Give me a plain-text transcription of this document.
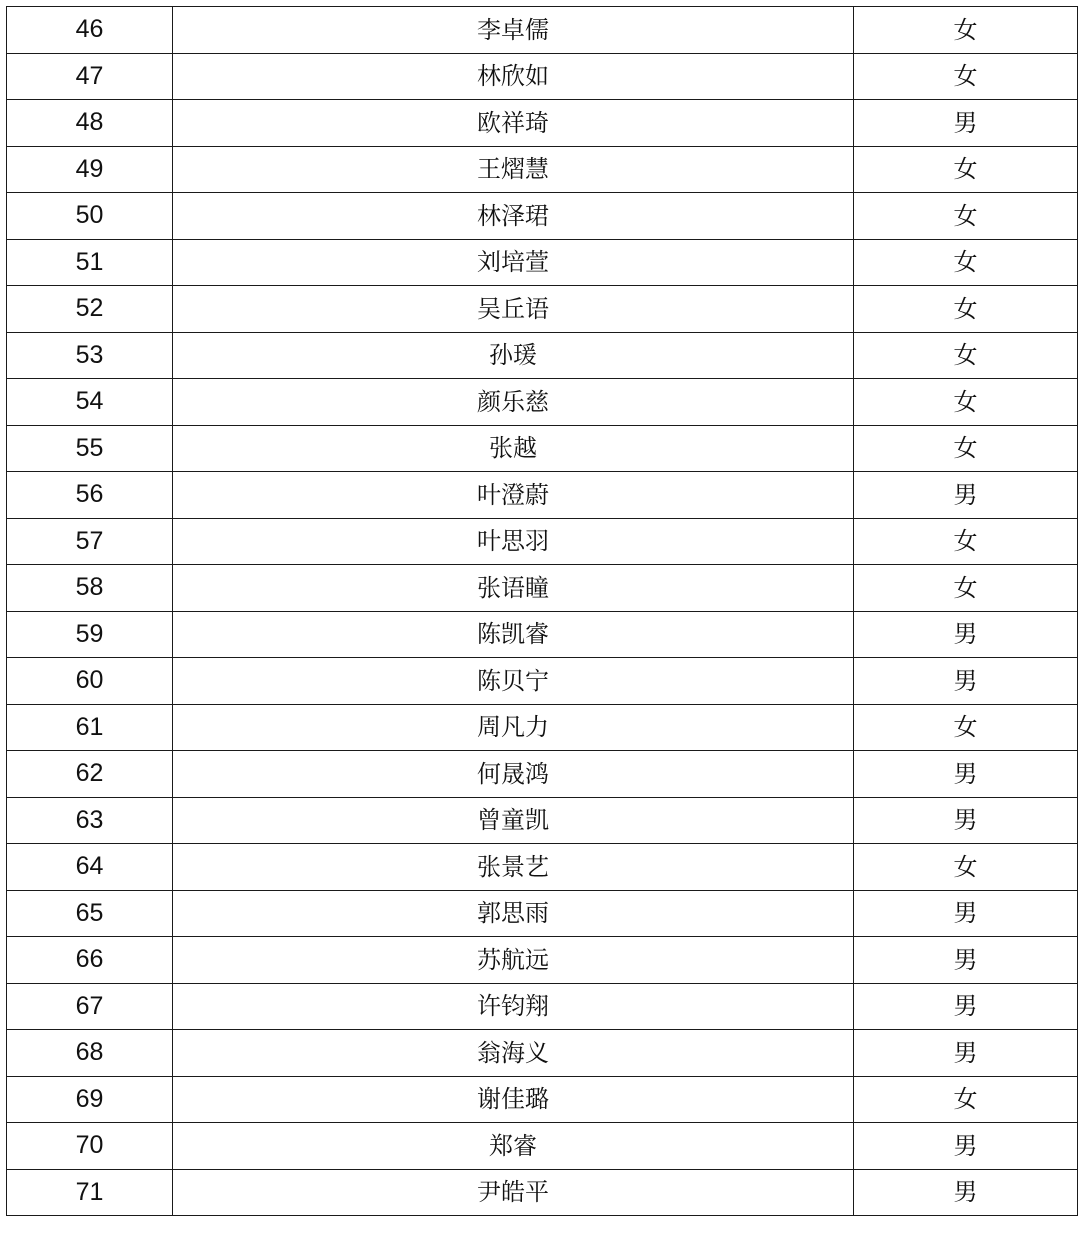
46	李卓儒	女
47	林欣如	女
48	欧祥琦	男
49	王熠慧	女
50	林泽珺	女
51	刘培萱	女
52	吴丘语	女
53	孙瑗	女
54	颜乐慈	女
55	张越	女
56	叶澄蔚	男
57	叶思羽	女
58	张语瞳	女
59	陈凯睿	男
60	陈贝宁	男
61	周凡力	女
62	何晟鸿	男
63	曾童凯	男
64	张景艺	女
65	郭思雨	男
66	苏航远	男
67	许钧翔	男
68	翁海义	男
69	谢佳璐	女
70	郑睿	男
71	尹皓平	男
